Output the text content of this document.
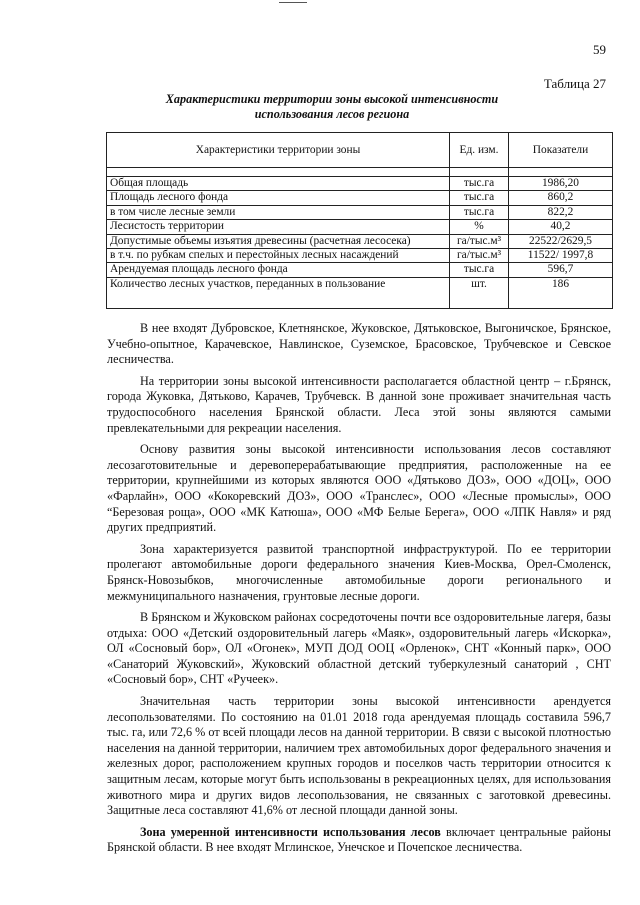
59
Таблица 27
Характеристики территории зоны высокой интенсивности использования лесов региона
Характеристики территории зоны	Ед. изм.	Показатели

Общая площадь	тыс.га	1986,20
Площадь лесного фонда	тыс.га	860,2
в том числе лесные земли	тыс.га	822,2
Лесистость территории	%	40,2
Допустимые объемы изъятия древесины (расчетная лесосека)	га/тыс.м³	22522/2629,5
в т.ч. по рубкам спелых и перестойных лесных насаждений	га/тыс.м³	11522/ 1997,8
Арендуемая площадь лесного фонда	тыс.га	596,7
Количество лесных участков, переданных в пользование	шт.	186

В нее входят Дубровское, Клетнянское, Жуковское, Дятьковское, Выгоничское, Брянское, Учебно-опытное, Карачевское, Навлинское, Суземское, Брасовское, Трубчевское и Севское лесничества.

На территории зоны высокой интенсивности располагается областной центр – г.Брянск, города Жуковка, Дятьково, Карачев, Трубчевск. В данной зоне проживает значительная часть трудоспособного населения Брянской области. Леса этой зоны являются самыми превлекательными для рекреации населения.

Основу развития зоны высокой интенсивности использования лесов составляют лесозаготовительные и деревоперерабатывающие предприятия, расположенные на ее территории, крупнейшими из которых являются ООО «Дятьково ДОЗ», ООО «ДОЦ», ООО «Фарлайн», ООО «Кокоревский ДОЗ», ООО «Транслес», ООО «Лесные промыслы», ООО “Березовая роща», ООО «МК Катюша», ООО «МФ Белые Берега», ООО «ЛПК Навля» и ряд других предприятий.

Зона характеризуется развитой транспортной инфраструктурой. По ее территории пролегают автомобильные дороги федерального значения Киев-Москва, Орел-Смоленск, Брянск-Новозыбков, многочисленные автомобильные дороги регионального и межмуниципального назначения, грунтовые лесные дороги.

В Брянском и Жуковском районах сосредоточены почти все оздоровительные лагеря, базы отдыха: ООО «Детский оздоровительный лагерь «Маяк», оздоровительный лагерь «Искорка», ОЛ «Сосновый бор», ОЛ «Огонек», МУП ДОД ООЦ «Орленок», СНТ «Конный парк», ООО «Санаторий Жуковский», Жуковский областной детский туберкулезный санаторий , СНТ «Сосновый бор», СНТ «Ручеек».

Значительная часть территории зоны высокой интенсивности арендуется лесопользователями. По состоянию на 01.01 2018 года арендуемая площадь составила 596,7 тыс. га, или 72,6 % от всей площади лесов на данной территории. В связи с высокой плотностью населения на данной территории, наличием трех автомобильных дорог федерального значения и железных дорог, расположением крупных городов и поселков часть территории относится к защитным лесам, которые могут быть использованы в рекреационных целях, для использования животного мира и других видов лесопользования, не связанных с заготовкой древесины. Защитные леса составляют 41,6% от лесной площади данной зоны.

Зона умеренной интенсивности использования лесов включает центральные районы Брянской области. В нее входят Мглинское, Унечское и Почепское лесничества.
